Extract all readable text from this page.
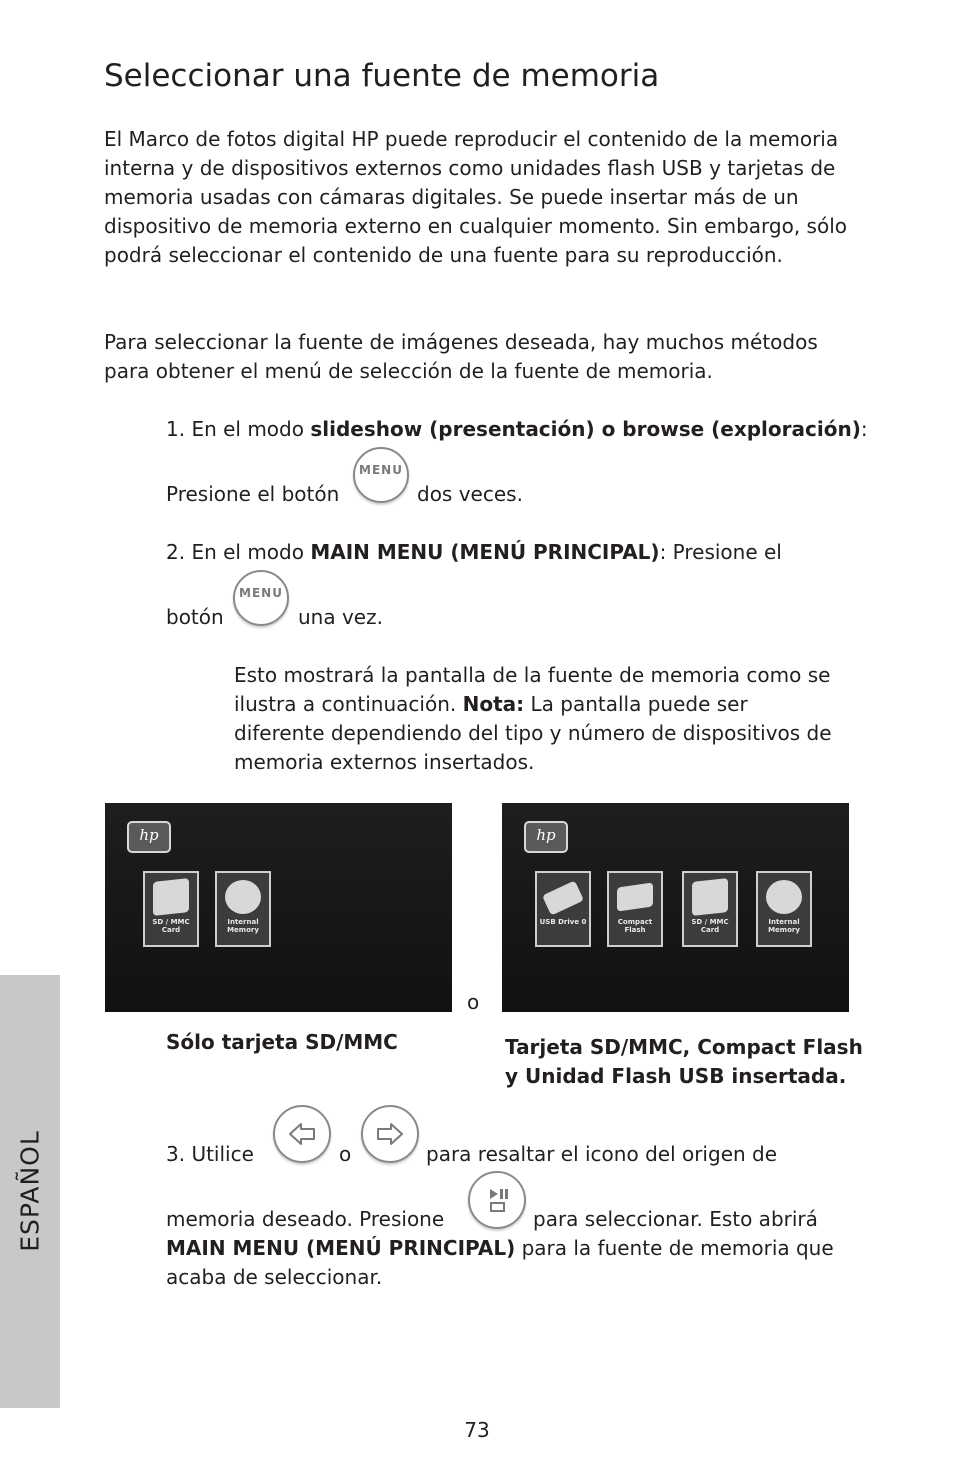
Seleccionar una fuente de memoria

El Marco de fotos digital HP puede reproducir el contenido de la memoria interna y de dispositivos externos como unidades flash USB y tarjetas de memoria usadas con cámaras digitales. Se puede insertar más de un dispositivo de memoria externo en cualquier momento. Sin embargo, sólo podrá seleccionar el contenido de una fuente para su reproducción.

Para seleccionar la fuente de imágenes deseada, hay muchos métodos para obtener el menú de selección de la fuente de memoria.

1. En el modo slideshow (presentación) o browse (exploración):
Presione el botón
MENU
dos veces.
2. En el modo MAIN MENU (MENÚ PRINCIPAL): Presione el
botón
MENU
una vez.

Esto mostrará la pantalla de la fuente de memoria como se ilustra a continuación. Nota: La pantalla puede ser diferente dependiendo del tipo y número de dispositivos de memoria externos insertados.

hp
SD / MMC Card
Internal Memory
o
hp
USB Drive 0	Compact Flash
SD / MMC Card
Internal Memory
Sólo tarjeta SD/MMC	Tarjeta SD/MMC, Compact Flash
y Unidad Flash USB insertada.
3. Utilice	o	para resaltar el icono del origen de
memoria deseado. Presione	para seleccionar. Esto abrirá
MAIN MENU (MENÚ PRINCIPAL) para la fuente de memoria que
acaba de seleccionar.
ESPAÑOL
73
